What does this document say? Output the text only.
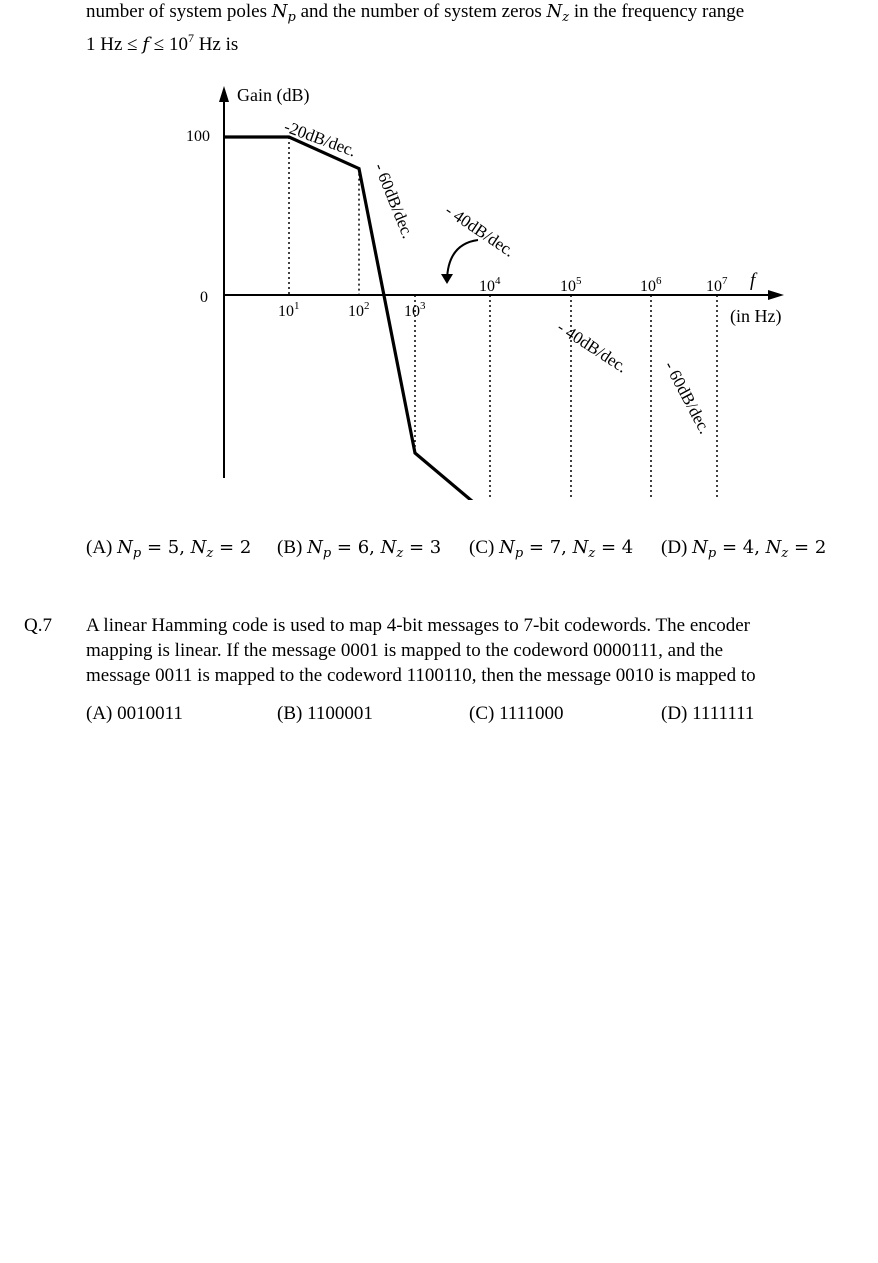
number of system poles $N_p$ and the number of system zeros $N_z$ in the frequency range
1 $Hz \le f \le 10^7$ Hz is
Gain (dB)
100
0
f
(in Hz)
$10^1$	$10^2$ $10^3$
$10^4$	$10^5$	$10^6$	$10^7$
-20dB/dec.
- 60dB/dec. - 40dB/dec.
- 40dB/dec.
- 60dB/dec.
(A) $N_p = 5$, $N_z = 2$ (B) $N_p = 6$, $N_z = 3$ (C) $N_p = 7$, $N_z = 4$ (D) $N_p = 4$, $N_z = 2$
Q.7 A linear Hamming code is used to map 4-bit messages to 7-bit codewords. The encoder
mapping is linear. If the message 0001 is mapped to the codeword 0000111, and the
message 0011 is mapped to the codeword 1100110, then the message 0010 is mapped to
(A) 0010011	(B) 1100001	(C) 1111000	(D) 1111111
